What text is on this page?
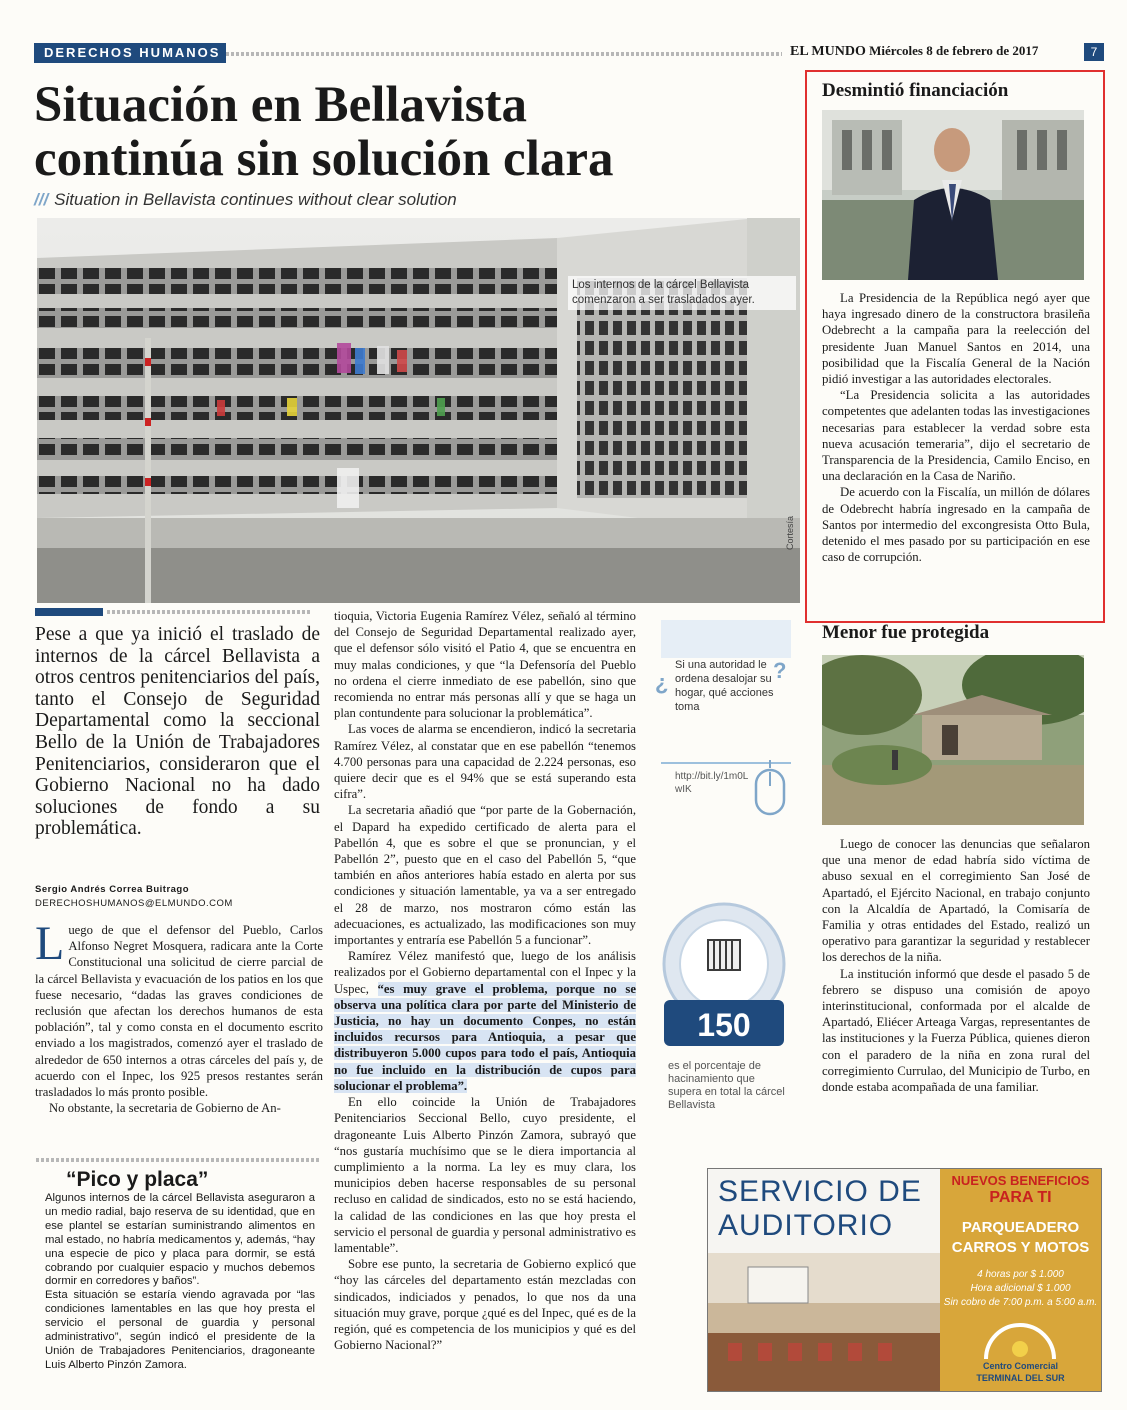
DERECHOS HUMANOS	EL MUNDO Miércoles 8 de febrero de 2017	7
Situación en Bellavista
continúa sin solución clara
/// Situation in Bellavista continues without clear solution
Los internos de la cárcel Bellavista comenzaron a ser trasladados ayer.
Cortesía
Pese a que ya inició el traslado de internos de la cárcel Bellavista a otros centros penitenciarios del país, tanto el Consejo de Seguridad Departamental como la seccional Bello de la Unión de Trabajadores Penitenciarios, consideraron que el Gobierno Nacional no ha dado soluciones de fondo a su problemática.
Sergio Andrés Correa Buitrago
DERECHOSHUMANOS@ELMUNDO.COM

Luego de que el defensor del Pueblo, Carlos Alfonso Negret Mosquera, radicara ante la Corte Constitucional una solicitud de cierre parcial de la cárcel Bellavista y evacuación de los patios en los que fuese necesario, “dadas las graves condiciones de reclusión que afectan los derechos humanos de esta población”, tal y como consta en el documento escrito enviado a los magistrados, comenzó ayer el traslado de alrededor de 650 internos a otras cárceles del país y, de acuerdo con el Inpec, los 925 presos restantes serán trasladados lo más pronto posible.

No obstante, la secretaria de Gobierno de An-

tioquia, Victoria Eugenia Ramírez Vélez, señaló al término del Consejo de Seguridad Departamental realizado ayer, que el defensor sólo visitó el Patio 4, que se encuentra en muy malas condiciones, y que “la Defensoría del Pueblo no ordena el cierre inmediato de ese pabellón, sino que recomienda no entrar más personas allí y que se haga un plan contundente para solucionar la problemática”.

Las voces de alarma se encendieron, indicó la secretaria Ramírez Vélez, al constatar que en ese pabellón “tenemos 4.700 personas para una capacidad de 2.224 personas, eso quiere decir que es el 94% que se está superando esta cifra”.

La secretaria añadió que “por parte de la Gobernación, el Dapard ha expedido certificado de alerta para el Pabellón 4, que es sobre el que se pronuncian, y el Pabellón 2”, puesto que en el caso del Pabellón 5, “que también en años anteriores había estado en alerta por sus condiciones y situación lamentable, ya va a ser entregado el 28 de marzo, nos mostraron cómo están las adecuaciones, es actualizado, las modificaciones son muy importantes y entraría ese Pabellón 5 a funcionar”.

Ramírez Vélez manifestó que, luego de los análisis realizados por el Gobierno departamental con el Inpec y la Uspec, “es muy grave el problema, porque no se observa una política clara por parte del Ministerio de Justicia, no hay un documento Conpes, no están incluidos recursos para Antioquia, a pesar que distribuyeron 5.000 cupos para todo el país, Antioquia no fue incluido en la distribución de cupos para solucionar el problema”.

En ello coincide la Unión de Trabajadores Penitenciarios Seccional Bello, cuyo presidente, el dragoneante Luis Alberto Pinzón Zamora, subrayó que “nos gustaría muchísimo que se le diera importancia al cumplimiento a la norma. La ley es muy clara, los municipios deben hacerse responsables de su personal recluso en calidad de sindicados, esto no se está haciendo, la calidad de las condiciones en las que hoy presta el servicio el personal de guardia y personal administrativo es lamentable”.

Sobre ese punto, la secretaria de Gobierno explicó que “hoy las cárceles del departamento están mezcladas con sindicados, indiciados y penados, lo que nos da una situación muy grave, porque ¿qué es del Inpec, qué es de la región, qué es competencia de los municipios y qué es del Gobierno Nacional?”

“Pico y placa”

Algunos internos de la cárcel Bellavista aseguraron a un medio radial, bajo reserva de su identidad, que en ese plantel se estarían suministrando alimentos en mal estado, no habría medicamentos y, además, “hay una especie de pico y placa para dormir, se está cobrando por cualquier espacio y muchos debemos dormir en corredores y baños”.

Esta situación se estaría viendo agravada por “las condiciones lamentables en las que hoy presta el servicio el personal de guardia y personal administrativo”, según indicó el presidente de la Unión de Trabajadores Penitenciarios, dragoneante Luis Alberto Pinzón Zamora.

¿	?
Si una autoridad le ordena desalojar su hogar, qué acciones toma
http://bit.ly/1m0LwIK
150
es el porcentaje de hacinamiento que supera en total la cárcel Bellavista
Desmintió financiación

La Presidencia de la República negó ayer que haya ingresado dinero de la constructora brasileña Odebrecht a la campaña para la reelección del presidente Juan Manuel Santos en 2014, una posibilidad que la Fiscalía General de la Nación pidió investigar a las autoridades electorales.

“La Presidencia solicita a las autoridades competentes que adelanten todas las investigaciones necesarias para establecer la verdad sobre esta nueva acusación temeraria”, dijo el secretario de Transparencia de la Presidencia, Camilo Enciso, en una declaración en la Casa de Nariño.

De acuerdo con la Fiscalía, un millón de dólares de Odebrecht habría ingresado en la campaña de Santos por intermedio del excongresista Otto Bula, detenido el mes pasado por su participación en ese caso de corrupción.

Menor fue protegida

Luego de conocer las denuncias que señalaron que una menor de edad habría sido víctima de abuso sexual en el corregimiento San José de Apartadó, el Ejército Nacional, en trabajo conjunto con la Alcaldía de Apartadó, la Comisaría de Familia y otras entidades del Estado, realizó un operativo para garantizar la seguridad y restablecer los derechos de la niña.

La institución informó que desde el pasado 5 de febrero se dispuso una comisión de apoyo interinstitucional, conformada por el alcalde de Apartadó, Eliécer Arteaga Vargas, representantes de las instituciones y la Fuerza Pública, quienes dieron con el paradero de la niña en zona rural del corregimiento Currulao, del Municipio de Turbo, en donde estaba acompañada de una familiar.

SERVICIO DE
AUDITORIO
NUEVOS BENEFICIOS
PARA TI
PARQUEADERO
CARROS Y MOTOS
4 horas por $ 1.000
Hora adicional $ 1.000
Sin cobro de 7:00 p.m. a 5:00 a.m.
Centro Comercial
TERMINAL DEL SUR
